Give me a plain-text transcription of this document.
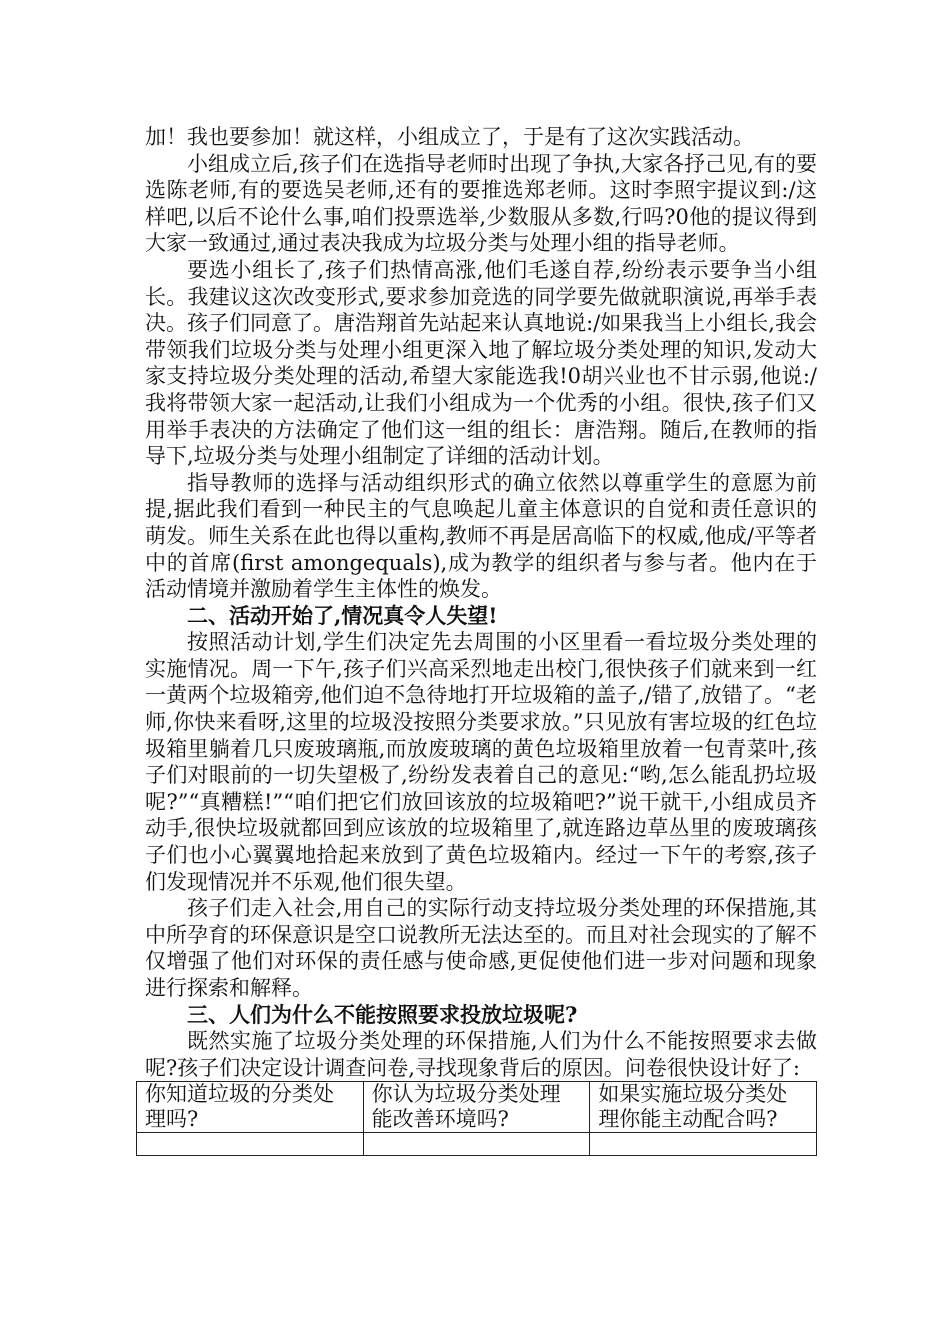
加！我也要参加！就这样，小组成立了，于是有了这次实践活动。

小组成立后,孩子们在选指导老师时出现了争执,大家各抒己见,有的要选陈老师,有的要选吴老师,还有的要推选郑老师。这时李照宇提议到:/这样吧,以后不论什么事,咱们投票选举,少数服从多数,行吗?0他的提议得到大家一致通过,通过表决我成为垃圾分类与处理小组的指导老师。

要选小组长了,孩子们热情高涨,他们毛遂自荐,纷纷表示要争当小组长。我建议这次改变形式,要求参加竞选的同学要先做就职演说,再举手表决。孩子们同意了。唐浩翔首先站起来认真地说:/如果我当上小组长,我会带领我们垃圾分类与处理小组更深入地了解垃圾分类处理的知识,发动大家支持垃圾分类处理的活动,希望大家能选我!0胡兴业也不甘示弱,他说:/我将带领大家一起活动,让我们小组成为一个优秀的小组。很快,孩子们又用举手表决的方法确定了他们这一组的组长：唐浩翔。随后,在教师的指导下,垃圾分类与处理小组制定了详细的活动计划。

指导教师的选择与活动组织形式的确立依然以尊重学生的意愿为前提,据此我们看到一种民主的气息唤起儿童主体意识的自觉和责任意识的萌发。师生关系在此也得以重构,教师不再是居高临下的权威,他成/平等者中的首席(first amongequals),成为教学的组织者与参与者。他内在于活动情境并激励着学生主体性的焕发。

二、活动开始了,情况真令人失望!

按照活动计划,学生们决定先去周围的小区里看一看垃圾分类处理的实施情况。周一下午,孩子们兴高采烈地走出校门,很快孩子们就来到一红一黄两个垃圾箱旁,他们迫不急待地打开垃圾箱的盖子,/错了,放错了。“老师,你快来看呀,这里的垃圾没按照分类要求放。”只见放有害垃圾的红色垃圾箱里躺着几只废玻璃瓶,而放废玻璃的黄色垃圾箱里放着一包青菜叶,孩子们对眼前的一切失望极了,纷纷发表着自己的意见:“哟,怎么能乱扔垃圾呢?”“真糟糕!”“咱们把它们放回该放的垃圾箱吧?”说干就干,小组成员齐动手,很快垃圾就都回到应该放的垃圾箱里了,就连路边草丛里的废玻璃孩子们也小心翼翼地拾起来放到了黄色垃圾箱内。经过一下午的考察,孩子们发现情况并不乐观,他们很失望。

孩子们走入社会,用自己的实际行动支持垃圾分类处理的环保措施,其中所孕育的环保意识是空口说教所无法达至的。而且对社会现实的了解不仅增强了他们对环保的责任感与使命感,更促使他们进一步对问题和现象进行探索和解释。

三、人们为什么不能按照要求投放垃圾呢?

既然实施了垃圾分类处理的环保措施,人们为什么不能按照要求去做呢?孩子们决定设计调查问卷,寻找现象背后的原因。问卷很快设计好了:

你知道垃圾的分类处理吗?	你认为垃圾分类处理能改善环境吗?	如果实施垃圾分类处理你能主动配合吗?
